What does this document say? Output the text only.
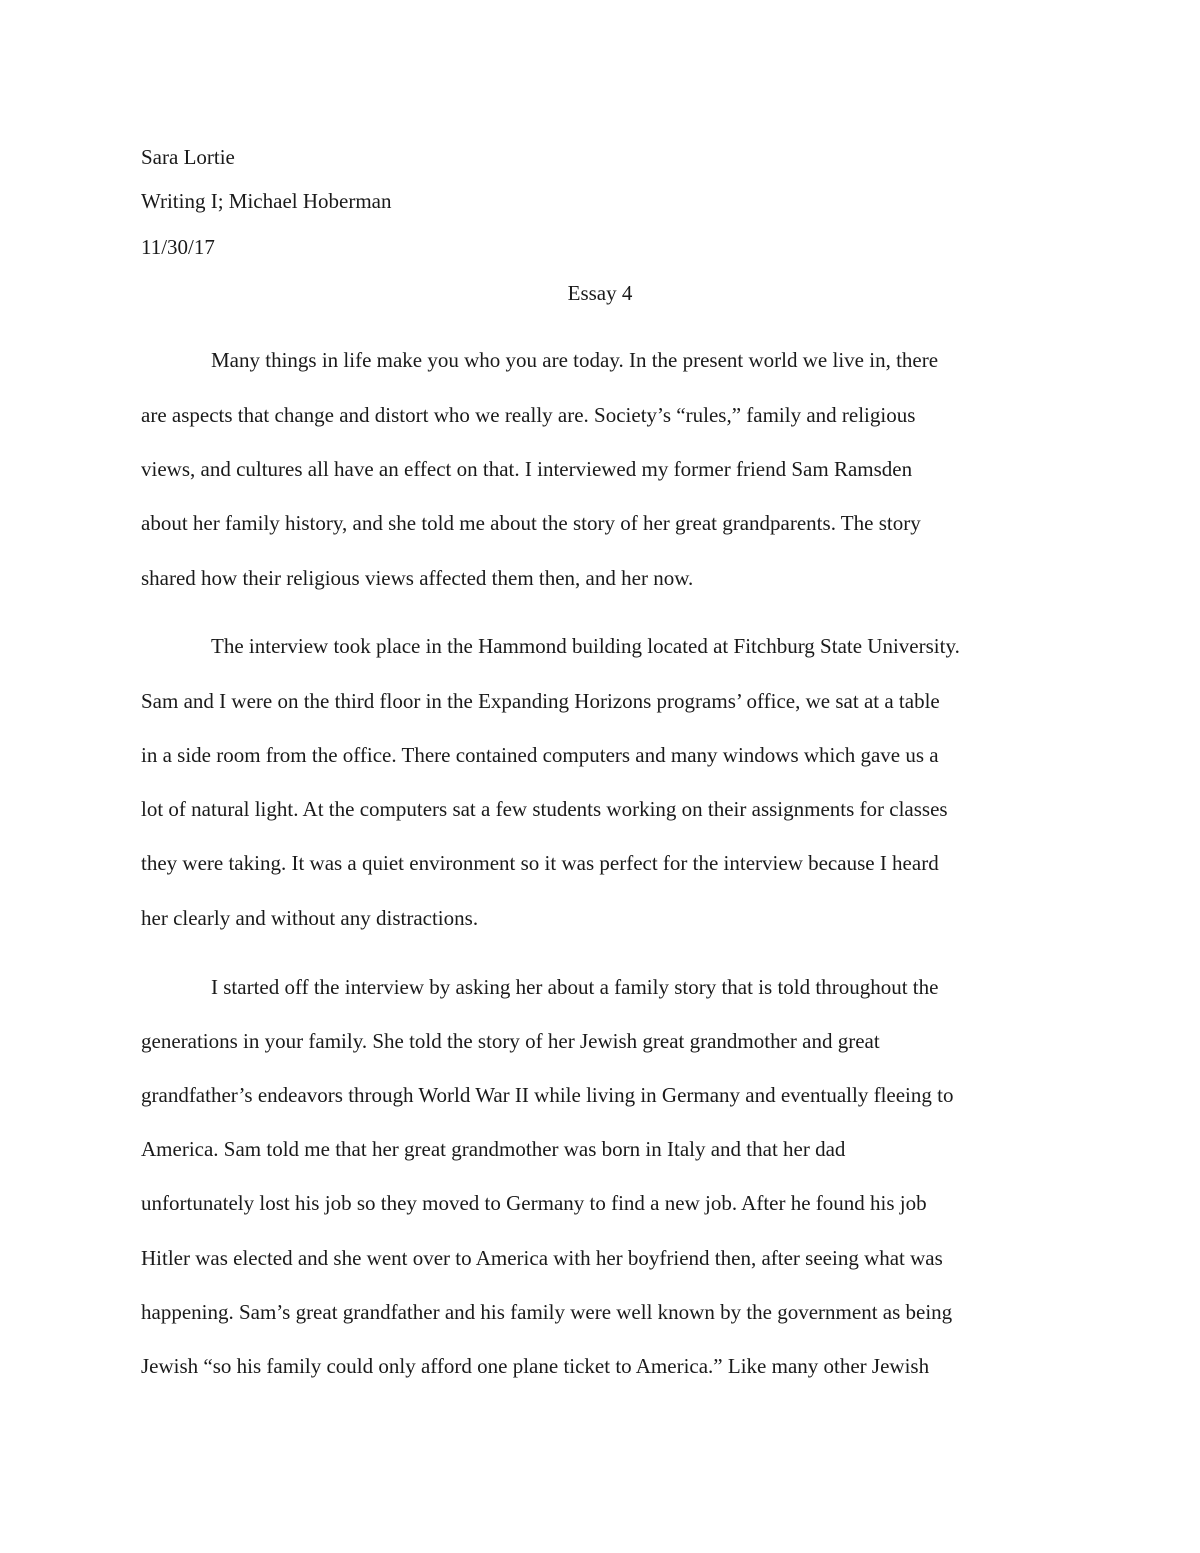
Sara Lortie
Writing I; Michael Hoberman
11/30/17
Essay 4
Many things in life make you who you are today. In the present world we live in, there
are aspects that change and distort who we really are. Society’s “rules,” family and religious
views, and cultures all have an effect on that. I interviewed my former friend Sam Ramsden
about her family history, and she told me about the story of her great grandparents. The story
shared how their religious views affected them then, and her now.
The interview took place in the Hammond building located at Fitchburg State University.
Sam and I were on the third floor in the Expanding Horizons programs’ office, we sat at a table
in a side room from the office. There contained computers and many windows which gave us a
lot of natural light. At the computers sat a few students working on their assignments for classes
they were taking. It was a quiet environment so it was perfect for the interview because I heard
her clearly and without any distractions.
I started off the interview by asking her about a family story that is told throughout the
generations in your family. She told the story of her Jewish great grandmother and great
grandfather’s endeavors through World War II while living in Germany and eventually fleeing to
America. Sam told me that her great grandmother was born in Italy and that her dad
unfortunately lost his job so they moved to Germany to find a new job. After he found his job
Hitler was elected and she went over to America with her boyfriend then, after seeing what was
happening. Sam’s great grandfather and his family were well known by the government as being
Jewish “so his family could only afford one plane ticket to America.” Like many other Jewish
